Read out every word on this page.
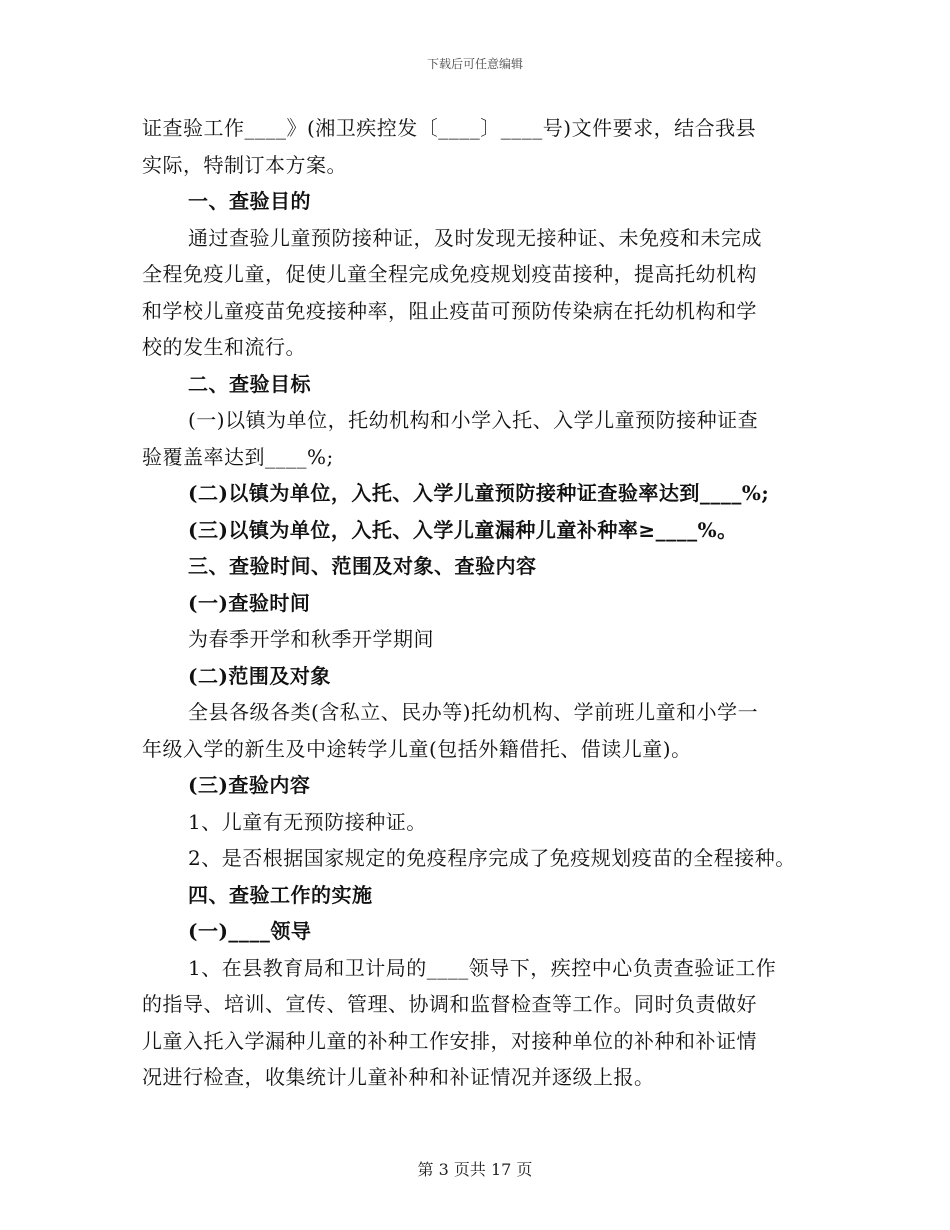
下载后可任意编辑
证查验工作____》(湘卫疾控发〔____〕____号)文件要求，结合我县
实际，特制订本方案。
一、查验目的
通过查验儿童预防接种证，及时发现无接种证、未免疫和未完成
全程免疫儿童，促使儿童全程完成免疫规划疫苗接种，提高托幼机构
和学校儿童疫苗免疫接种率，阻止疫苗可预防传染病在托幼机构和学
校的发生和流行。
二、查验目标
(一)以镇为单位，托幼机构和小学入托、入学儿童预防接种证查
验覆盖率达到____%;
(二)以镇为单位，入托、入学儿童预防接种证查验率达到____%;
(三)以镇为单位，入托、入学儿童漏种儿童补种率≥____%。
三、查验时间、范围及对象、查验内容
(一)查验时间
为春季开学和秋季开学期间
(二)范围及对象
全县各级各类(含私立、民办等)托幼机构、学前班儿童和小学一
年级入学的新生及中途转学儿童(包括外籍借托、借读儿童)。
(三)查验内容
1、儿童有无预防接种证。
2、是否根据国家规定的免疫程序完成了免疫规划疫苗的全程接种。
四、查验工作的实施
(一)____领导
1、在县教育局和卫计局的____领导下，疾控中心负责查验证工作
的指导、培训、宣传、管理、协调和监督检查等工作。同时负责做好
儿童入托入学漏种儿童的补种工作安排，对接种单位的补种和补证情
况进行检查，收集统计儿童补种和补证情况并逐级上报。
第 3 页共 17 页
